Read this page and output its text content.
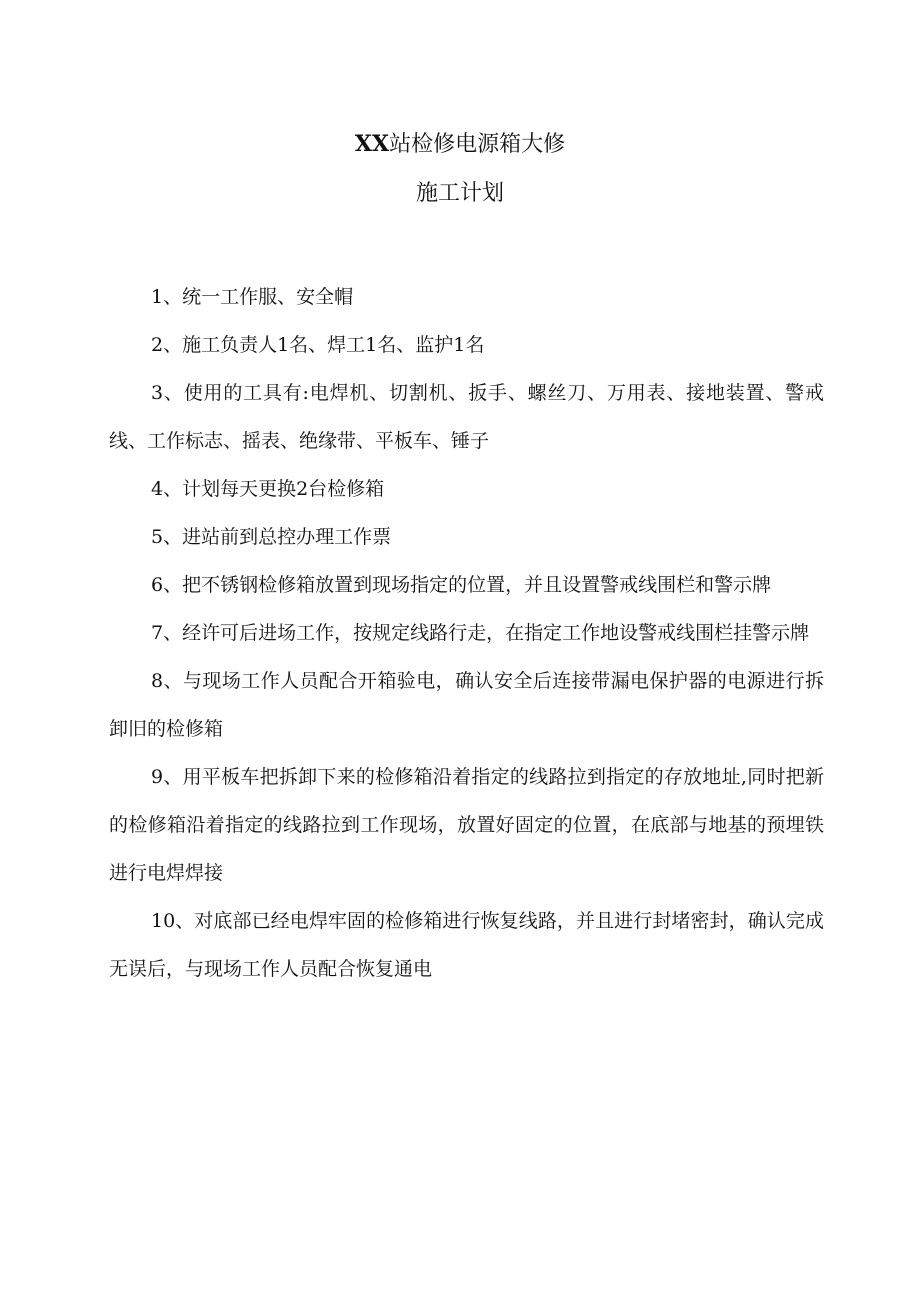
XX站检修电源箱大修
施工计划

1、统一工作服、安全帽

2、施工负责人1名、焊工1名、监护1名

3、使用的工具有:电焊机、切割机、扳手、螺丝刀、万用表、接地装置、警戒线、工作标志、摇表、绝缘带、平板车、锤子

4、计划每天更换2台检修箱

5、进站前到总控办理工作票

6、把不锈钢检修箱放置到现场指定的位置，并且设置警戒线围栏和警示牌

7、经许可后进场工作，按规定线路行走，在指定工作地设警戒线围栏挂警示牌

8、与现场工作人员配合开箱验电，确认安全后连接带漏电保护器的电源进行拆卸旧的检修箱

9、用平板车把拆卸下来的检修箱沿着指定的线路拉到指定的存放地址,同时把新的检修箱沿着指定的线路拉到工作现场，放置好固定的位置，在底部与地基的预埋铁进行电焊焊接

10、对底部已经电焊牢固的检修箱进行恢复线路，并且进行封堵密封，确认完成无误后，与现场工作人员配合恢复通电
